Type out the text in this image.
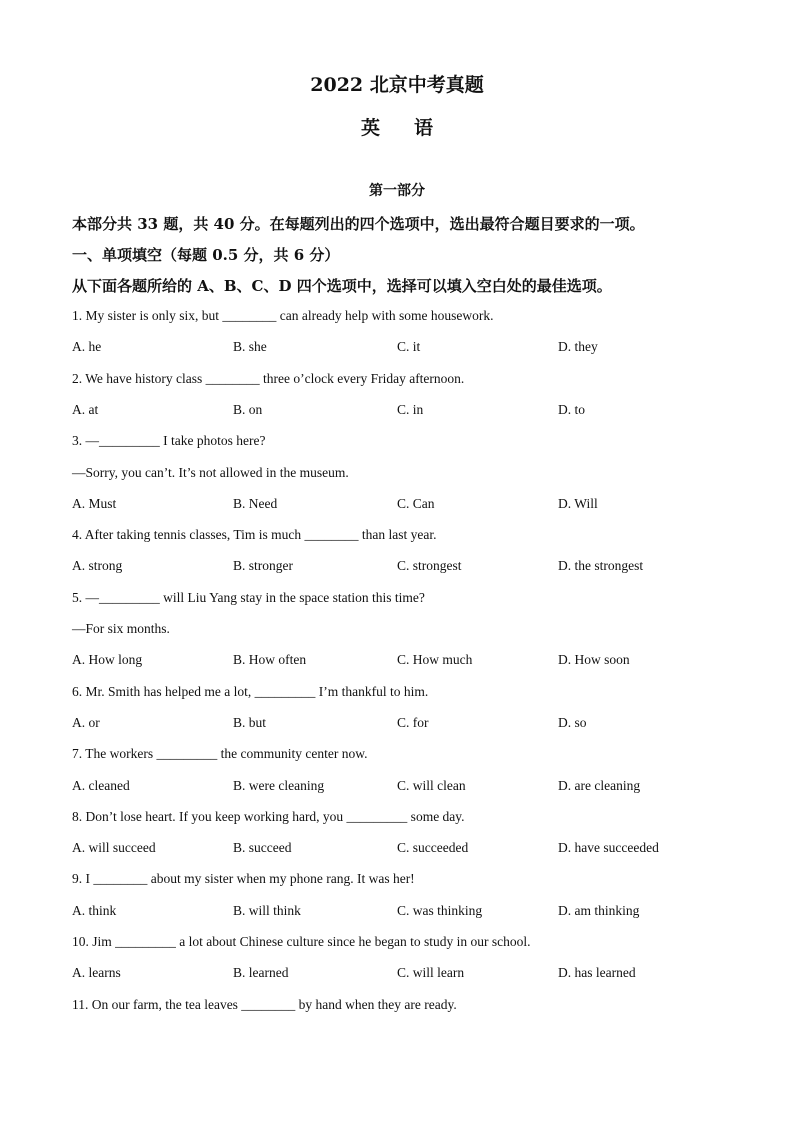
2022 北京中考真题
英语
第一部分
本部分共 33 题，共 40 分。在每题列出的四个选项中，选出最符合题目要求的一项。
一、单项填空（每题 0.5 分，共 6 分）
从下面各题所给的 A、B、C、D 四个选项中，选择可以填入空白处的最佳选项。
1. My sister is only six, but ________ can already help with some housework.
A. he	B. she	C. it	D. they
2. We have history class ________ three o’clock every Friday afternoon.
A. at	B. on	C. in	D. to
3. —_________ I take photos here?
—Sorry, you can’t. It’s not allowed in the museum.
A. Must	B. Need	C. Can	D. Will
4. After taking tennis classes, Tim is much ________ than last year.
A. strong	B. stronger	C. strongest	D. the strongest
5. —_________ will Liu Yang stay in the space station this time?
—For six months.
A. How long	B. How often	C. How much	D. How soon
6. Mr. Smith has helped me a lot, _________ I’m thankful to him.
A. or	B. but	C. for	D. so
7. The workers _________ the community center now.
A. cleaned	B. were cleaning	C. will clean	D. are cleaning
8. Don’t lose heart. If you keep working hard, you _________ some day.
A. will succeed	B. succeed	C. succeeded	D. have succeeded
9. I ________ about my sister when my phone rang. It was her!
A. think	B. will think	C. was thinking	D. am thinking
10. Jim _________ a lot about Chinese culture since he began to study in our school.
A. learns	B. learned	C. will learn	D. has learned
11. On our farm, the tea leaves ________ by hand when they are ready.
